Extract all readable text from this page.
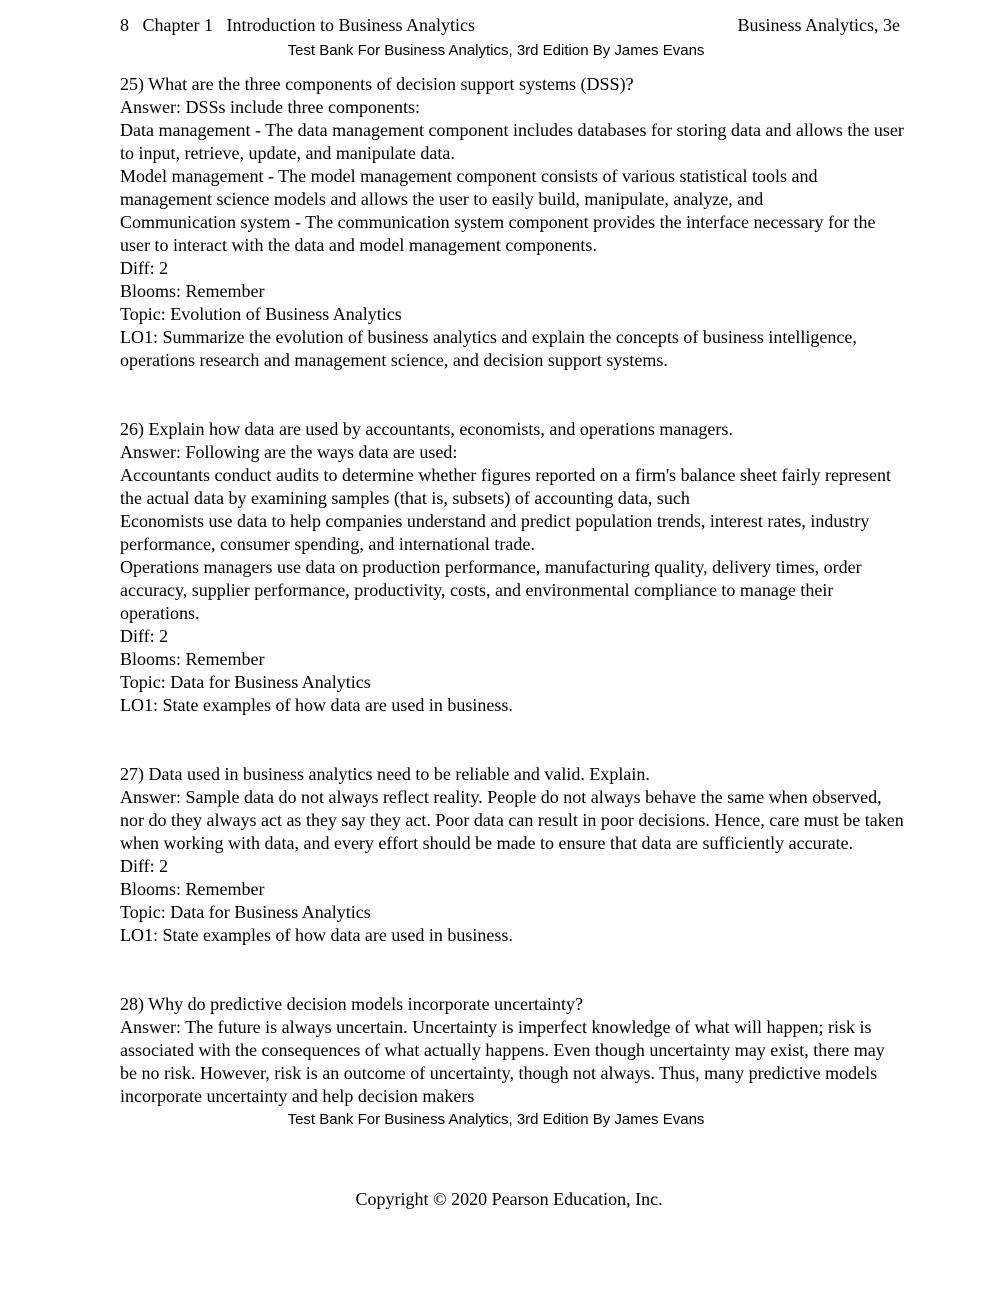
8   Chapter 1   Introduction to Business Analytics	Business Analytics, 3e
Test Bank For Business Analytics, 3rd Edition By James Evans
25) What are the three components of decision support systems (DSS)?
Answer: DSSs include three components:
Data management - The data management component includes databases for storing data and allows the user to input, retrieve, update, and manipulate data.
Model management - The model management component consists of various statistical tools and management science models and allows the user to easily build, manipulate, analyze, and
Communication system - The communication system component provides the interface necessary for the user to interact with the data and model management components.
Diff: 2
Blooms: Remember
Topic: Evolution of Business Analytics
LO1: Summarize the evolution of business analytics and explain the concepts of business intelligence, operations research and management science, and decision support systems.
26) Explain how data are used by accountants, economists, and operations managers.
Answer: Following are the ways data are used:
Accountants conduct audits to determine whether figures reported on a firm's balance sheet fairly represent the actual data by examining samples (that is, subsets) of accounting data, such
Economists use data to help companies understand and predict population trends, interest rates, industry performance, consumer spending, and international trade.
Operations managers use data on production performance, manufacturing quality, delivery times, order accuracy, supplier performance, productivity, costs, and environmental compliance to manage their operations.
Diff: 2
Blooms: Remember
Topic: Data for Business Analytics
LO1: State examples of how data are used in business.
27) Data used in business analytics need to be reliable and valid. Explain.
Answer: Sample data do not always reflect reality. People do not always behave the same when observed, nor do they always act as they say they act. Poor data can result in poor decisions. Hence, care must be taken when working with data, and every effort should be made to ensure that data are sufficiently accurate.
Diff: 2
Blooms: Remember
Topic: Data for Business Analytics
LO1: State examples of how data are used in business.
28) Why do predictive decision models incorporate uncertainty?
Answer: The future is always uncertain. Uncertainty is imperfect knowledge of what will happen; risk is associated with the consequences of what actually happens. Even though uncertainty may exist, there may be no risk. However, risk is an outcome of uncertainty, though not always. Thus, many predictive models incorporate uncertainty and help decision makers
Test Bank For Business Analytics, 3rd Edition By James Evans
Copyright © 2020 Pearson Education, Inc.
